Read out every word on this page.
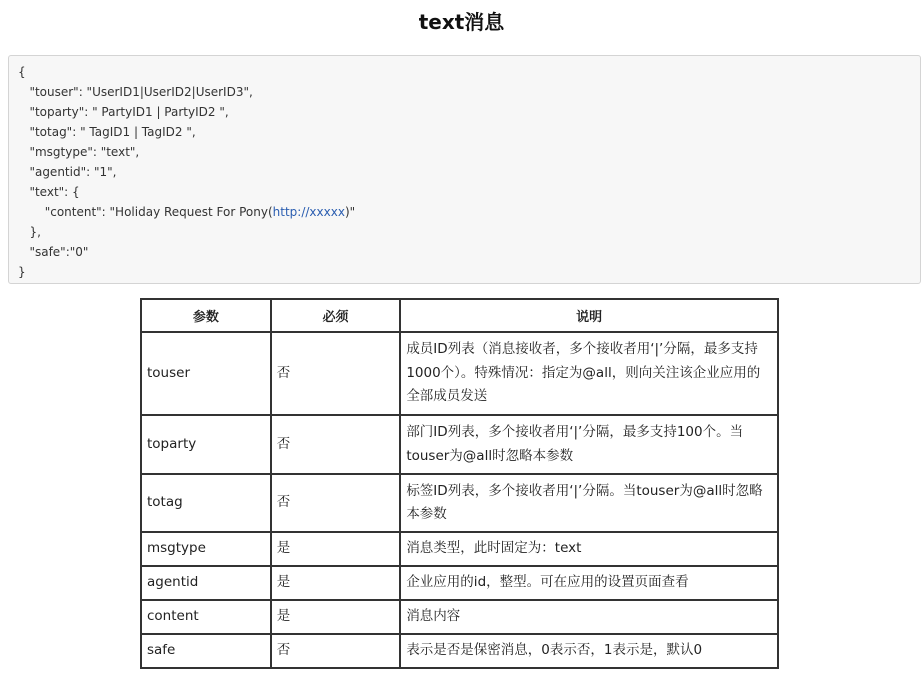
text消息
{
"touser": "UserID1|UserID2|UserID3",
"toparty": " PartyID1 | PartyID2 ",
"totag": " TagID1 | TagID2 ",
"msgtype": "text",
"agentid": "1",
"text": {
"content": "Holiday Request For Pony(http://xxxxx)"
},
"safe":"0"
}
参数	必须	说明
touser	否	成员ID列表（消息接收者，多个接收者用‘|’分隔，最多支持1000个）。特殊情况：指定为@all，则向关注该企业应用的全部成员发送
toparty	否	部门ID列表，多个接收者用‘|’分隔，最多支持100个。当touser为@all时忽略本参数
totag	否	标签ID列表，多个接收者用‘|’分隔。当touser为@all时忽略本参数
msgtype	是	消息类型，此时固定为：text
agentid	是	企业应用的id，整型。可在应用的设置页面查看
content	是	消息内容
safe	否	表示是否是保密消息，0表示否，1表示是，默认0
